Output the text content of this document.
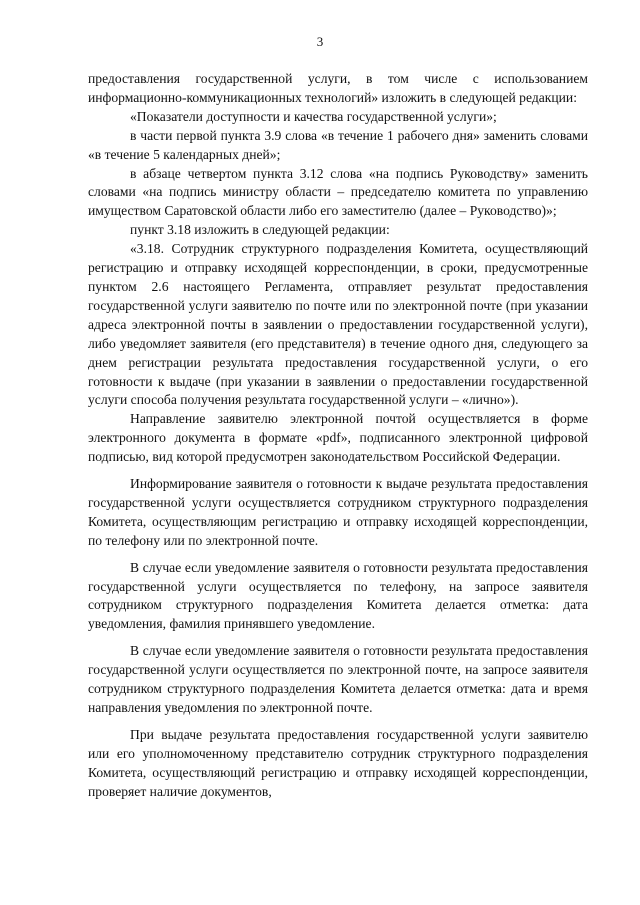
3

предоставления государственной услуги, в том числе с использованием информационно-коммуникационных технологий» изложить в следующей редакции:

«Показатели доступности и качества государственной услуги»;

в части первой пункта 3.9 слова «в течение 1 рабочего дня» заменить словами «в течение 5 календарных дней»;

в абзаце четвертом пункта 3.12 слова «на подпись Руководству» заменить словами «на подпись министру области – председателю комитета по управлению имуществом Саратовской области либо его заместителю (далее – Руководство)»;

пункт 3.18 изложить в следующей редакции:

«3.18. Сотрудник структурного подразделения Комитета, осуществляющий регистрацию и отправку исходящей корреспонденции, в сроки, предусмотренные пунктом 2.6 настоящего Регламента, отправляет результат предоставления государственной услуги заявителю по почте или по электронной почте (при указании адреса электронной почты в заявлении о предоставлении государственной услуги), либо уведомляет заявителя (его представителя) в течение одного дня, следующего за днем регистрации результата предоставления государственной услуги, о его готовности к выдаче (при указании в заявлении о предоставлении государственной услуги способа получения результата государственной услуги – «лично»).

Направление заявителю электронной почтой осуществляется в форме электронного документа в формате «pdf», подписанного электронной цифровой подписью, вид которой предусмотрен законодательством Российской Федерации.

Информирование заявителя о готовности к выдаче результата предоставления государственной услуги осуществляется сотрудником структурного подразделения Комитета, осуществляющим регистрацию и отправку исходящей корреспонденции, по телефону или по электронной почте.

В случае если уведомление заявителя о готовности результата предоставления государственной услуги осуществляется по телефону, на запросе заявителя сотрудником структурного подразделения Комитета делается отметка: дата уведомления, фамилия принявшего уведомление.

В случае если уведомление заявителя о готовности результата предоставления государственной услуги осуществляется по электронной почте, на запросе заявителя сотрудником структурного подразделения Комитета делается отметка: дата и время направления уведомления по электронной почте.

При выдаче результата предоставления государственной услуги заявителю или его уполномоченному представителю сотрудник структурного подразделения Комитета, осуществляющий регистрацию и отправку исходящей корреспонденции, проверяет наличие документов,
